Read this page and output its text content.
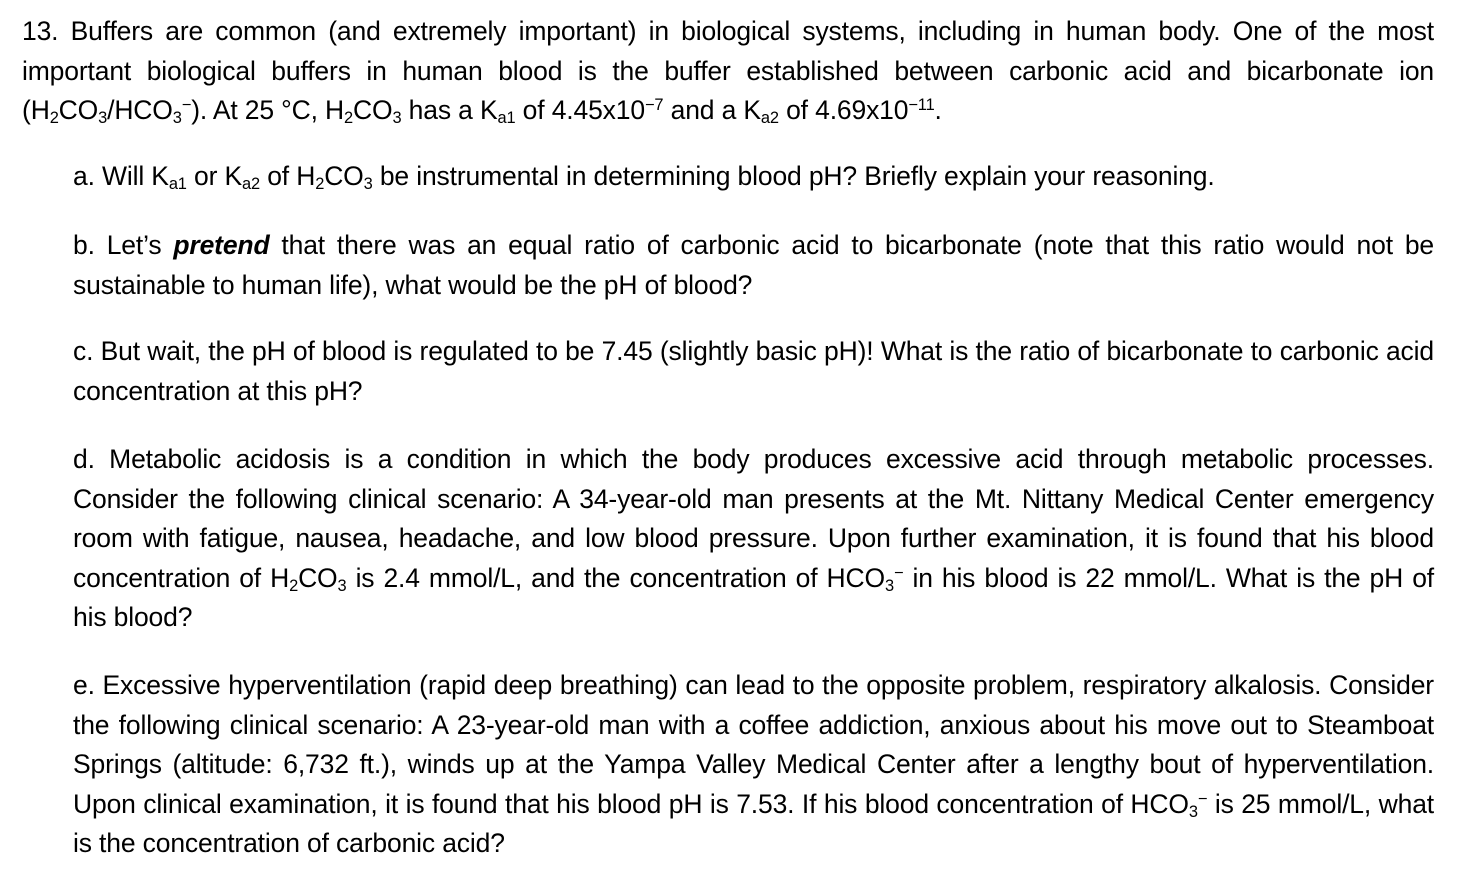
13. Buffers are common (and extremely important) in biological systems, including in human body. One of the most important biological buffers in human blood is the buffer established between carbonic acid and bicarbonate ion $(H_2CO_3/HCO_3^-)$. At 25 °C, $H_2CO_3$ has a $K_{a1}$ of $4.45x10^{-7}$ and a $K_{a2}$ of $4.69x10^{-11}$.
a. Will $K_{a1}$ or $K_{a2}$ of $H_2CO_3$ be instrumental in determining blood pH? Briefly explain your reasoning.
b. Let’s pretend that there was an equal ratio of carbonic acid to bicarbonate (note that this ratio would not be sustainable to human life), what would be the pH of blood?
c. But wait, the pH of blood is regulated to be 7.45 (slightly basic pH)! What is the ratio of bicarbonate to carbonic acid concentration at this pH?
d. Metabolic acidosis is a condition in which the body produces excessive acid through metabolic processes. Consider the following clinical scenario: A 34-year-old man presents at the Mt. Nittany Medical Center emergency room with fatigue, nausea, headache, and low blood pressure. Upon further examination, it is found that his blood concentration of $H_2CO_3$ is 2.4 mmol/L, and the concentration of $HCO_3^-$ in his blood is 22 mmol/L. What is the pH of his blood?
e. Excessive hyperventilation (rapid deep breathing) can lead to the opposite problem, respiratory alkalosis. Consider the following clinical scenario: A 23-year-old man with a coffee addiction, anxious about his move out to Steamboat Springs (altitude: 6,732 ft.), winds up at the Yampa Valley Medical Center after a lengthy bout of hyperventilation. Upon clinical examination, it is found that his blood pH is 7.53. If his blood concentration of $HCO_3^-$ is 25 mmol/L, what is the concentration of carbonic acid?
